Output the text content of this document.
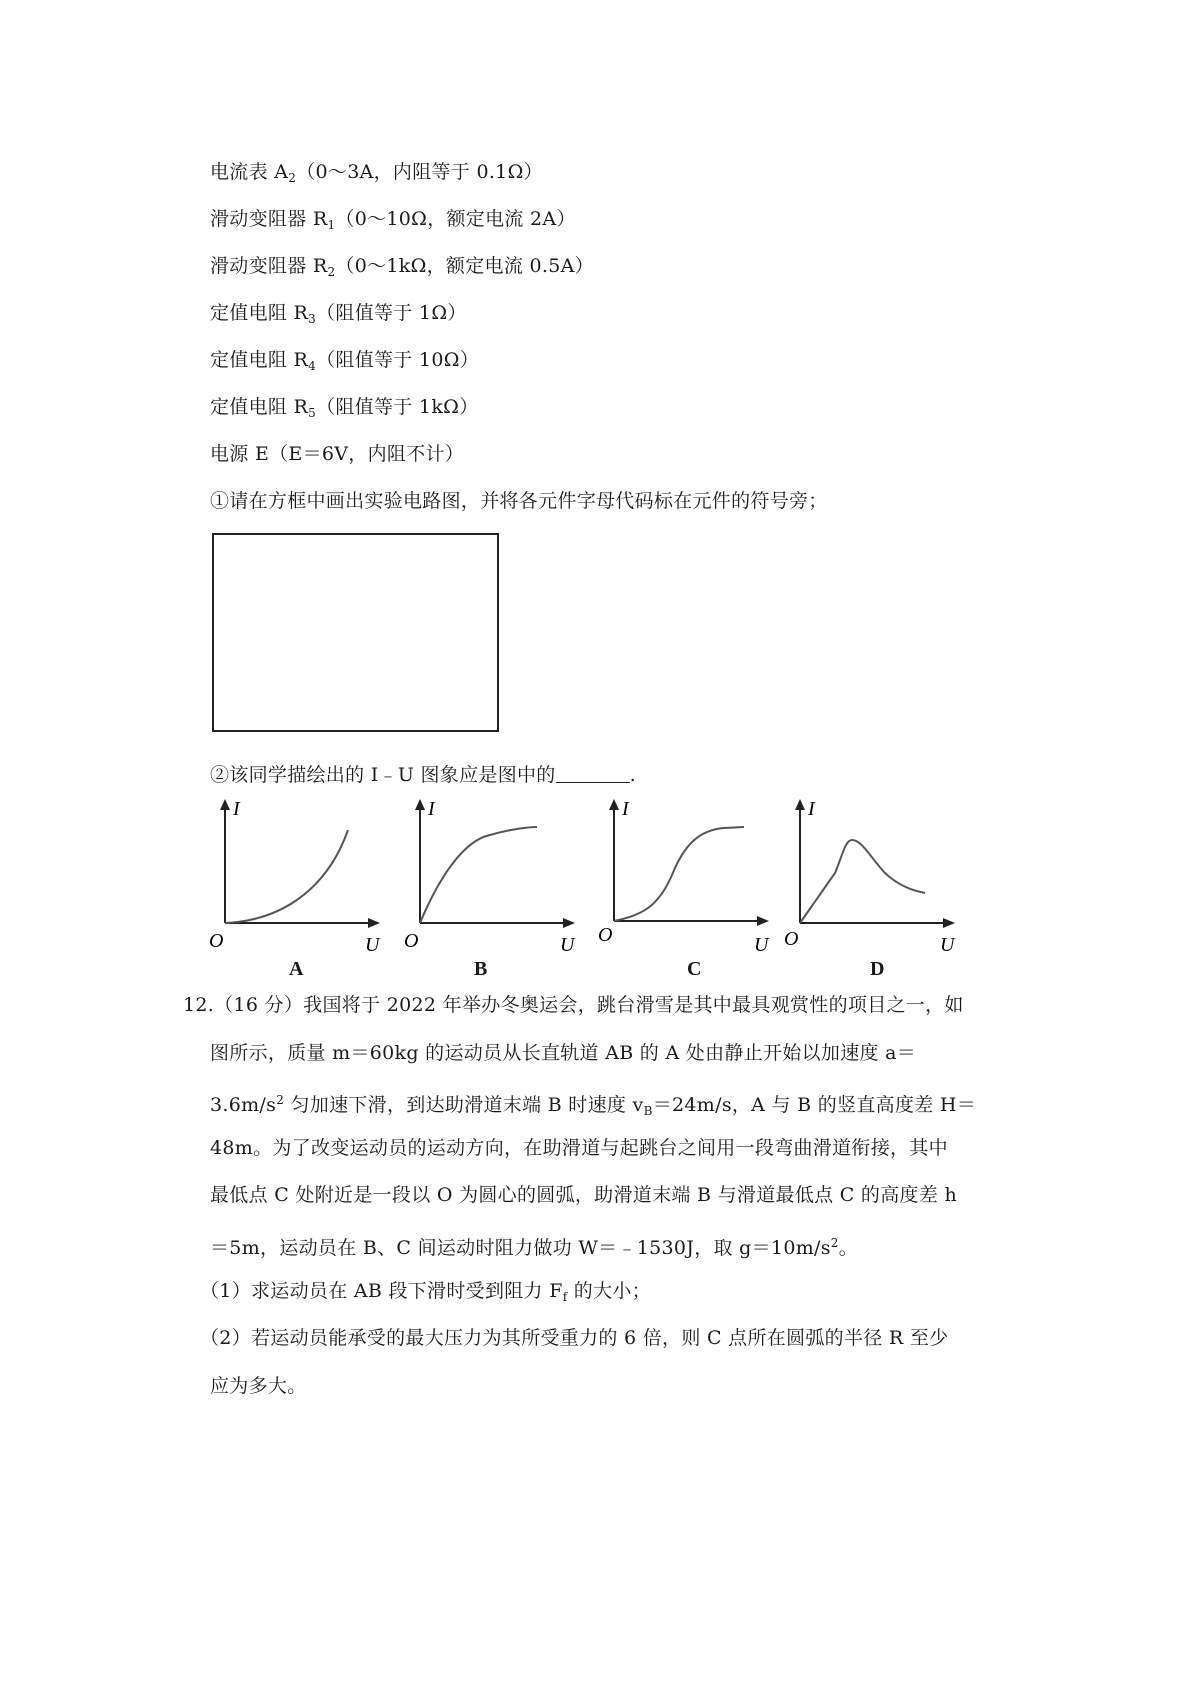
电流表 $A_2(0\sim 3A$，内阻等于 0.1Ω）
滑动变阻器 $R_1(0\sim 10\Omega$，额定电流 2A）
滑动变阻器 $R_2(0\sim 1k\Omega$，额定电流 0.5A）
定值电阻 $R_3$（阻值等于 1Ω）
定值电阻 $R_4$（阻值等于 10Ω）
定值电阻 $R_5$（阻值等于 1kΩ）
电源 E（E＝6V，内阻不计）
①请在方框中画出实验电路图，并将各元件字母代码标在元件的符号旁；
②该同学描绘出的 I﹣U 图象应是图中的	.
I
O	U
A
I
O	U
B
I
O	U
C
I
O	U
D
12.（16 分）我国将于 2022 年举办冬奥运会，跳台滑雪是其中最具观赏性的项目之一，如
图所示，质量 m＝60kg 的运动员从长直轨道 AB 的 A 处由静止开始以加速度 a＝
$3.6m/s^2$ 匀加速下滑，到达助滑道末端 B 时速度 $v_B=24m/s$，A 与 B 的竖直高度差 H＝
48m。为了改变运动员的运动方向，在助滑道与起跳台之间用一段弯曲滑道衔接，其中
最低点 C 处附近是一段以 O 为圆心的圆弧，助滑道末端 B 与滑道最低点 C 的高度差 h
＝5m，运动员在 B、C 间运动时阻力做功 W＝﹣1530J，取 $g=10m/s^2$。
（1）求运动员在 AB 段下滑时受到阻力 $F_f$ 的大小；
（2）若运动员能承受的最大压力为其所受重力的 6 倍，则 C 点所在圆弧的半径 R 至少
应为多大。
